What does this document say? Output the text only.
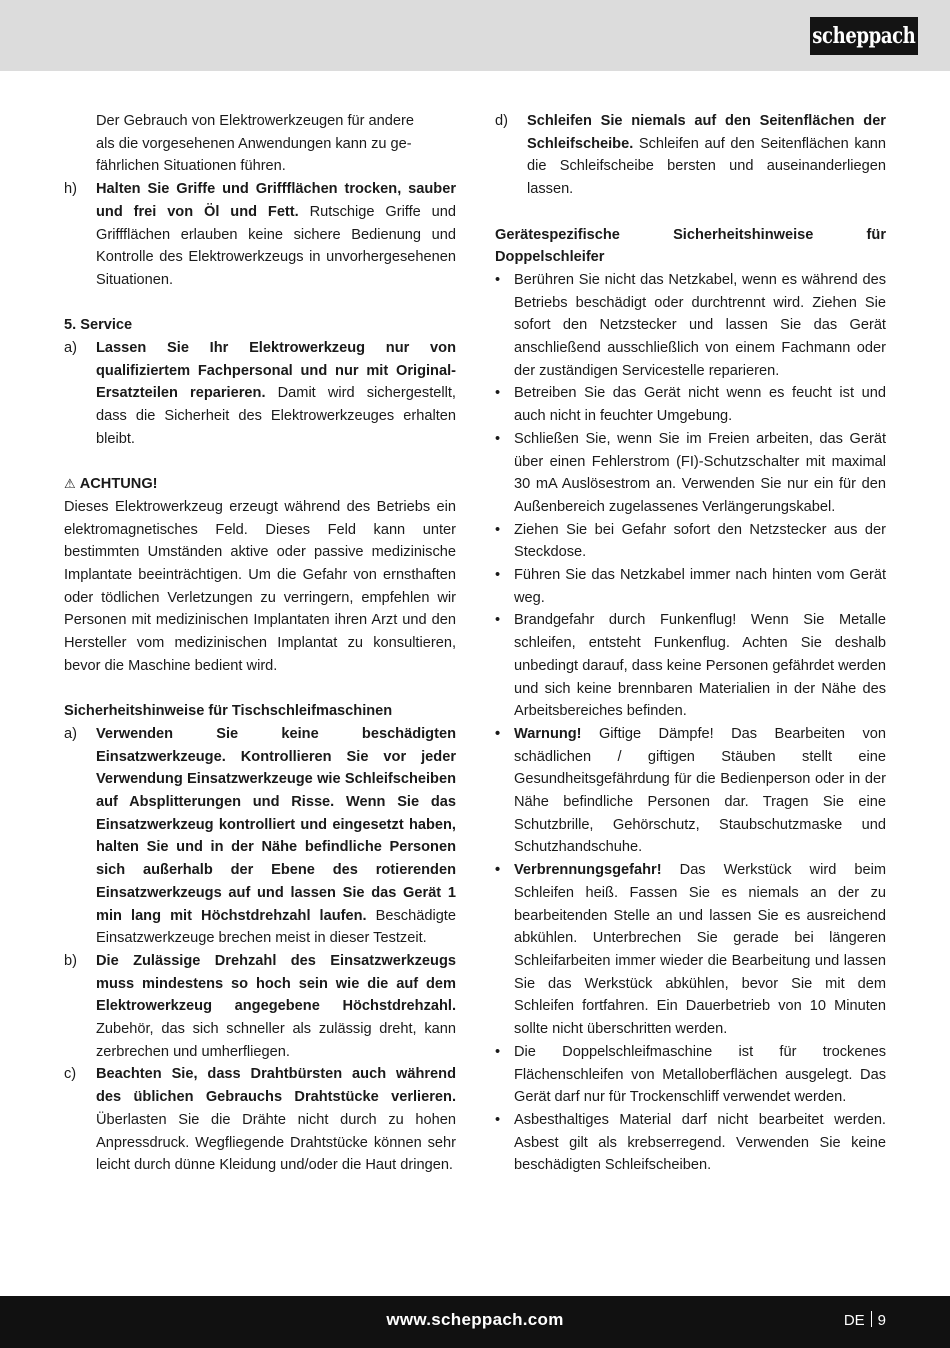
scheppach
Der Gebrauch von Elektrowerkzeugen für andere
als die vorgesehenen Anwendungen kann zu ge-
fährlichen Situationen führen.
h)	Halten Sie Griffe und Griffflächen trocken, sauber und frei von Öl und Fett. Rutschige Griffe und Griffflächen erlauben keine sichere Bedienung und Kontrolle des Elektrowerkzeugs in unvorhergesehenen Situationen.
5. Service
a)	Lassen Sie Ihr Elektrowerkzeug nur von qualifiziertem Fachpersonal und nur mit Original-Ersatzteilen reparieren. Damit wird sichergestellt, dass die Sicherheit des Elektrowerkzeuges erhalten bleibt.
⚠ ACHTUNG!
Dieses Elektrowerkzeug erzeugt während des Betriebs ein elektromagnetisches Feld. Dieses Feld kann unter bestimmten Umständen aktive oder passive medizinische Implantate beeinträchtigen. Um die Gefahr von ernsthaften oder tödlichen Verletzungen zu verringern, empfehlen wir Personen mit medizinischen Implantaten ihren Arzt und den Hersteller vom medizinischen Implantat zu konsultieren, bevor die Maschine bedient wird.
Sicherheitshinweise für Tischschleifmaschinen
a)	Verwenden Sie keine beschädigten Einsatzwerkzeuge. Kontrollieren Sie vor jeder Verwendung Einsatzwerkzeuge wie Schleifscheiben auf Absplitterungen und Risse. Wenn Sie das Einsatzwerkzeug kontrolliert und eingesetzt haben, halten Sie und in der Nähe befindliche Personen sich außerhalb der Ebene des rotierenden Einsatzwerkzeugs auf und lassen Sie das Gerät 1 min lang mit Höchstdrehzahl laufen. Beschädigte Einsatzwerkzeuge brechen meist in dieser Testzeit.
b)	Die Zulässige Drehzahl des Einsatzwerkzeugs muss mindestens so hoch sein wie die auf dem Elektrowerkzeug angegebene Höchstdrehzahl. Zubehör, das sich schneller als zulässig dreht, kann zerbrechen und umherfliegen.
c)	Beachten Sie, dass Drahtbürsten auch während des üblichen Gebrauchs Drahtstücke verlieren. Überlasten Sie die Drähte nicht durch zu hohen Anpressdruck. Wegfliegende Drahtstücke können sehr leicht durch dünne Kleidung und/oder die Haut dringen.
d)	Schleifen Sie niemals auf den Seitenflächen der Schleifscheibe. Schleifen auf den Seitenflächen kann die Schleifscheibe bersten und auseinanderliegen lassen.
Gerätespezifische Sicherheitshinweise für Doppelschleifer
• Berühren Sie nicht das Netzkabel, wenn es während des Betriebs beschädigt oder durchtrennt wird. Ziehen Sie sofort den Netzstecker und lassen Sie das Gerät anschließend ausschließlich von einem Fachmann oder der zuständigen Servicestelle reparieren.
• Betreiben Sie das Gerät nicht wenn es feucht ist und auch nicht in feuchter Umgebung.
• Schließen Sie, wenn Sie im Freien arbeiten, das Gerät über einen Fehlerstrom (FI)-Schutzschalter mit maximal 30 mA Auslösestrom an. Verwenden Sie nur ein für den Außenbereich zugelassenes Verlängerungskabel.
• Ziehen Sie bei Gefahr sofort den Netzstecker aus der Steckdose.
• Führen Sie das Netzkabel immer nach hinten vom Gerät weg.
• Brandgefahr durch Funkenflug! Wenn Sie Metalle schleifen, entsteht Funkenflug. Achten Sie deshalb unbedingt darauf, dass keine Personen gefährdet werden und sich keine brennbaren Materialien in der Nähe des Arbeitsbereiches befinden.
• Warnung! Giftige Dämpfe! Das Bearbeiten von schädlichen / giftigen Stäuben stellt eine Gesundheitsgefährdung für die Bedienperson oder in der Nähe befindliche Personen dar. Tragen Sie eine Schutzbrille, Gehörschutz, Staubschutzmaske und Schutzhandschuhe.
• Verbrennungsgefahr! Das Werkstück wird beim Schleifen heiß. Fassen Sie es niemals an der zu bearbeitenden Stelle an und lassen Sie es ausreichend abkühlen. Unterbrechen Sie gerade bei längeren Schleifarbeiten immer wieder die Bearbeitung und lassen Sie das Werkstück abkühlen, bevor Sie mit dem Schleifen fortfahren. Ein Dauerbetrieb von 10 Minuten sollte nicht überschritten werden.
• Die Doppelschleifmaschine ist für trockenes Flächenschleifen von Metalloberflächen ausgelegt. Das Gerät darf nur für Trockenschliff verwendet werden.
• Asbesthaltiges Material darf nicht bearbeitet werden. Asbest gilt als krebserregend. Verwenden Sie keine beschädigten Schleifscheiben.
www.scheppach.com	DE 9
